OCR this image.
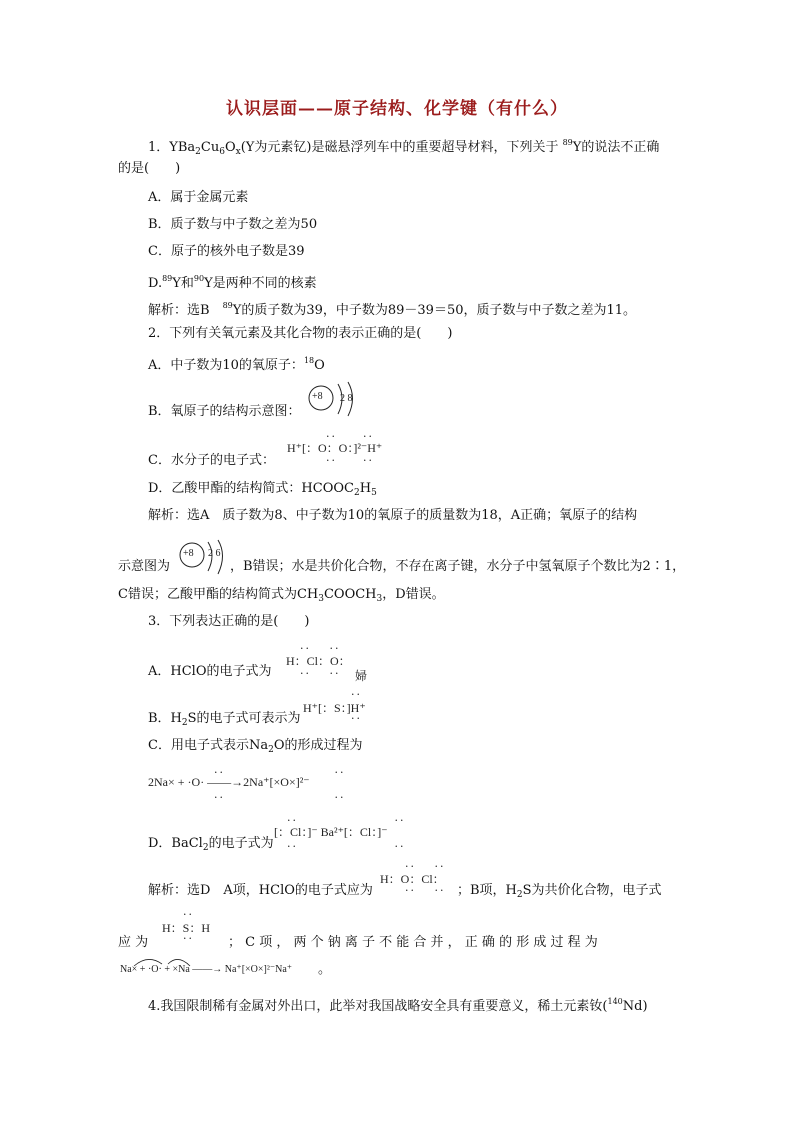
认识层面——原子结构、化学键（有什么）
1．$YBa_2Cu_6O_x(Y$为元素钇)是磁悬浮列车中的重要超导材料，下列关于 $^{89}$Y的说法不正确
的是(　　)
A．属于金属元素
B．质子数与中子数之差为50
C．原子的核外电子数是39
D.$^{89}$Y和$^{90}$Y是两种不同的核素
解析：选B　$^{89}$Y的质子数为39，中子数为89－39＝50，质子数与中子数之差为11。
2．下列有关氧元素及其化合物的表示正确的是(　　)
A．中子数为10的氧原子：$^{18}$O
B．氧原子的结构示意图：
+8 2 8
··　　··
H⁺[：O：O：]²⁻H⁺
··　　··
C．水分子的电子式：
D．乙酸甲酯的结构简式：$HCOOC_2H_5$
解析：选A　质子数为8、中子数为10的氧原子的质量数为18，A正确；氧原子的结构
示意图为
+8 2 6
，B错误；水是共价化合物，不存在离子键，水分子中氢氧原子个数比为2∶1，
C错误；乙酸甲酯的结构简式为$CH_3COOCH_3$，D错误。
3．下列表达正确的是(　　)
··　 ··
H：Cl：O：
··　 ·· 婦
A．HClO的电子式为
··
H⁺[：S：]H⁺
··
B．$H_2S$的电子式可表示为
C．用电子式表示$Na_2O$的形成过程为
··　　　　　　　　 ··
2Na× + ·O· ——→2Na⁺[×O×]²⁻
··　　　　　　　　 ··
··　　　　　　　 ··
[：Cl：]⁻ Ba²⁺[：Cl：]⁻
··　　　　　　　 ··
D．BaCl$_2$的电子式为
··　 ··
H：O：Cl：
··　 ··
解析：选D　A项，HClO的电子式应为	；B项，$H_2S$为共价化合物，电子式
··
H：S：H
··
应 为	； C 项 ， 两 个 钠 离 子 不 能 合 并 ， 正 确 的 形 成 过 程 为
Na× + ·O· + ×Na ——→ Na⁺[×O×]²⁻Na⁺ 。
4.我国限制稀有金属对外出口，此举对我国战略安全具有重要意义，稀土元素钕($^{140}$Nd)
